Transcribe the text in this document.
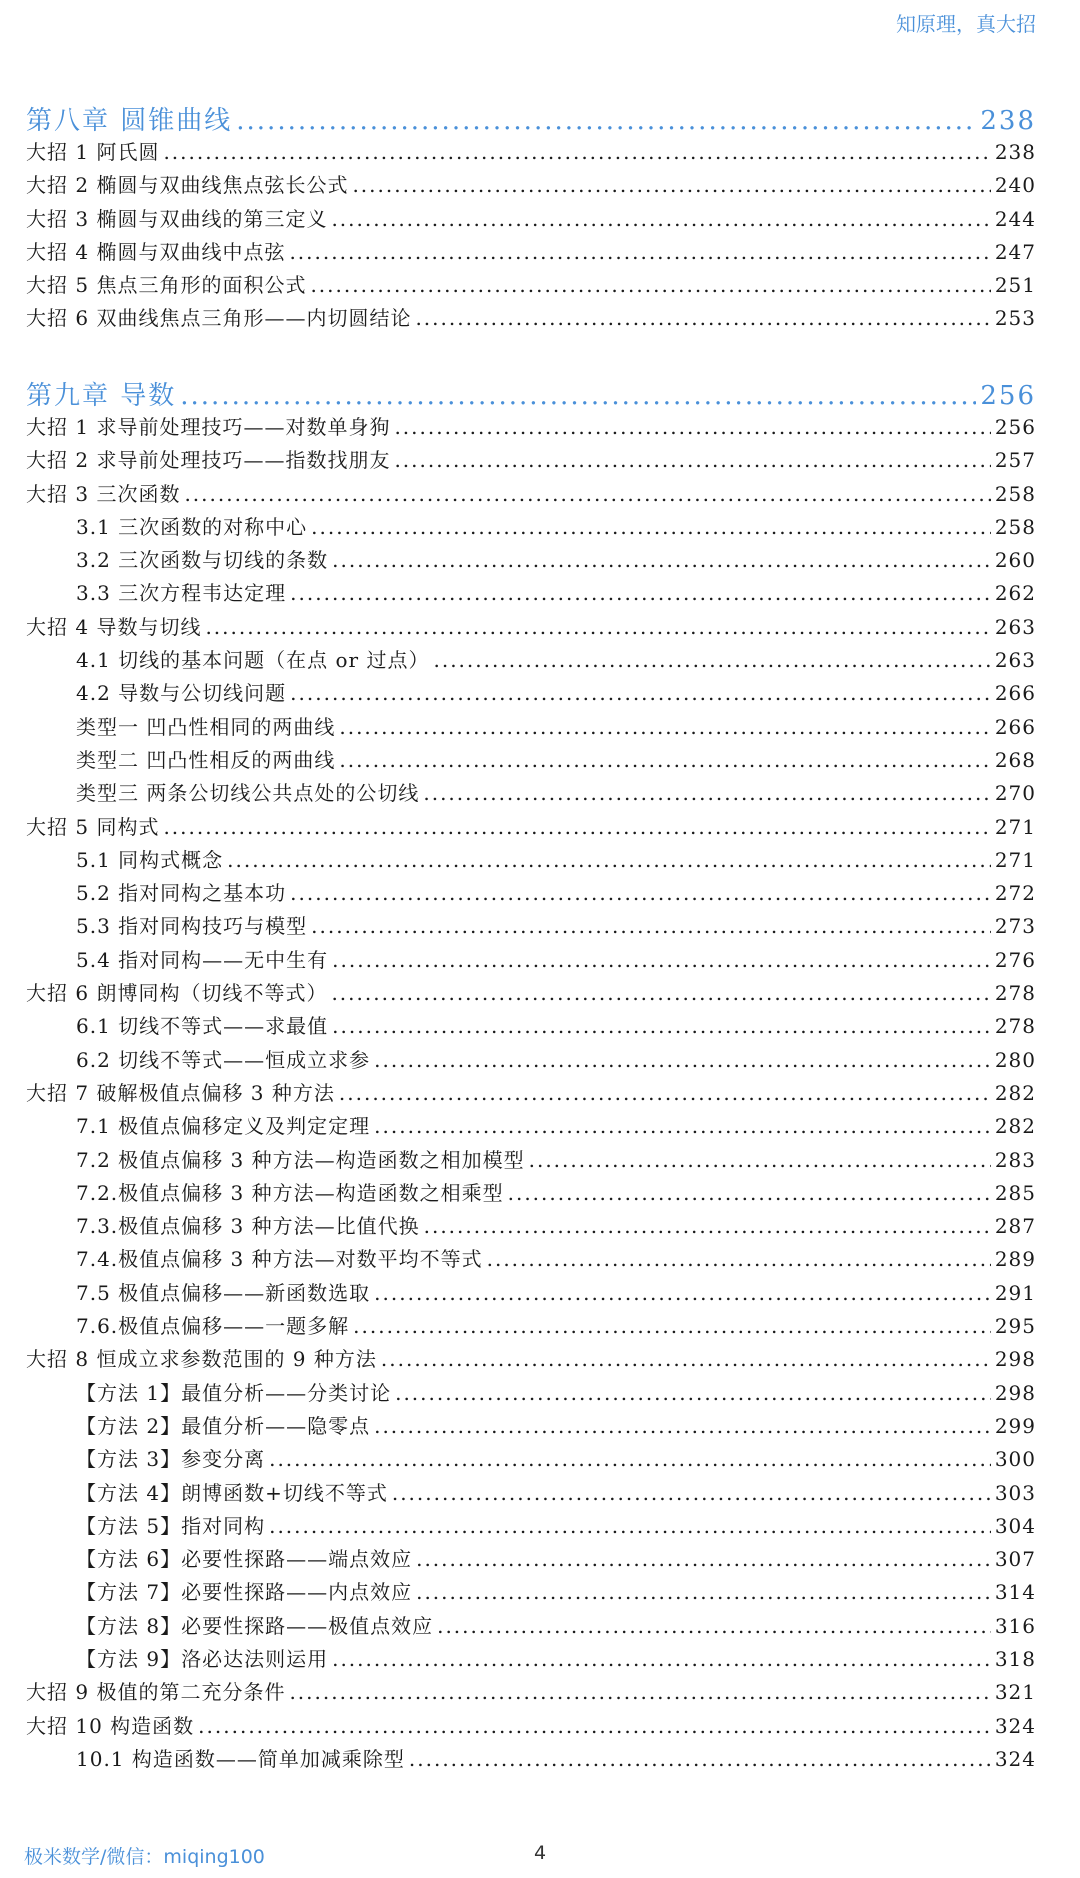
知原理，真大招
第八章 圆锥曲线 .....	238
大招 1 阿氏圆 .....	238
大招 2 椭圆与双曲线焦点弦长公式 .....	240
大招 3 椭圆与双曲线的第三定义 .....	244
大招 4 椭圆与双曲线中点弦 .....	247
大招 5 焦点三角形的面积公式 .....	251
大招 6 双曲线焦点三角形——内切圆结论 .....	253
第九章 导数 .....	256
大招 1 求导前处理技巧——对数单身狗 .....	256
大招 2 求导前处理技巧——指数找朋友 .....	257
大招 3 三次函数 .....	258
3.1 三次函数的对称中心 .....	258
3.2 三次函数与切线的条数 .....	260
3.3 三次方程韦达定理 .....	262
大招 4 导数与切线 .....	263
4.1 切线的基本问题（在点 or 过点） .....	263
4.2 导数与公切线问题 .....	266
类型一 凹凸性相同的两曲线 .....	266
类型二 凹凸性相反的两曲线 .....	268
类型三 两条公切线公共点处的公切线 .....	270
大招 5 同构式 .....	271
5.1 同构式概念 .....	271
5.2 指对同构之基本功 .....	272
5.3 指对同构技巧与模型 .....	273
5.4 指对同构——无中生有 .....	276
大招 6 朗博同构（切线不等式） .....	278
6.1 切线不等式——求最值 .....	278
6.2 切线不等式——恒成立求参 .....	280
大招 7 破解极值点偏移 3 种方法 .....	282
7.1 极值点偏移定义及判定定理 .....	282
7.2 极值点偏移 3 种方法—构造函数之相加模型 .....	283
7.2.极值点偏移 3 种方法—构造函数之相乘型 .....	285
7.3.极值点偏移 3 种方法—比值代换 .....	287
7.4.极值点偏移 3 种方法—对数平均不等式 .....	289
7.5 极值点偏移——新函数选取 .....	291
7.6.极值点偏移——一题多解 .....	295
大招 8 恒成立求参数范围的 9 种方法 .....	298
【方法 1】最值分析——分类讨论 .....	298
【方法 2】最值分析——隐零点 .....	299
【方法 3】参变分离 .....	300
【方法 4】朗博函数+切线不等式 .....	303
【方法 5】指对同构 .....	304
【方法 6】必要性探路——端点效应 .....	307
【方法 7】必要性探路——内点效应 .....	314
【方法 8】必要性探路——极值点效应 .....	316
【方法 9】洛必达法则运用 .....	318
大招 9 极值的第二充分条件 .....	321
大招 10 构造函数 .....	324
10.1 构造函数——简单加减乘除型 .....	324
极米数学/微信：miqing100	4
